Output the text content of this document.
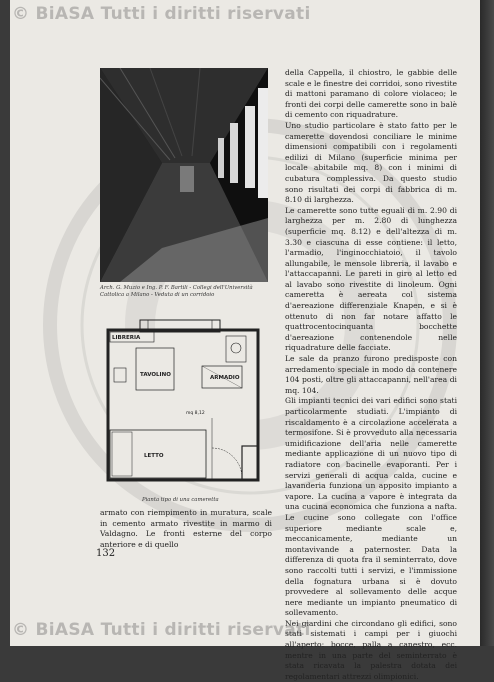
© BiASA Tutti i diritti riservati
Arch. G. Muzio e Ing. P. F. Bartili - Collegi dell'Università Cattolica a Milano - Veduta di un corridoio
LIBRERIA
TAVOLINO	ARMADIO
LETTO
mq 8,12
Pianta tipo di una cameretta

della Cappella, il chiostro, le gabbie delle scale e le finestre dei corridoi, sono rivestite di mattoni paramano di colore violaceo; le fronti dei corpi delle camerette sono in balè di cemento con riquadrature.

Uno studio particolare è stato fatto per le camerette dovendosi conciliare le minime dimensioni compatibili con i regolamenti edilizi di Milano (superficie minima per locale abitabile mq. 8) con i minimi di cubatura complessiva. Da questo studio sono risultati dei corpi di fabbrica di m. 8.10 di larghezza.

Le camerette sono tutte eguali di m. 2.90 di larghezza per m. 2.80 di lunghezza (superficie mq. 8.12) e dell'altezza di m. 3.30 e ciascuna di esse contiene: il letto, l'armadio, l'inginocchiatoio, il tavolo allungabile, le mensole libreria, il lavabo e l'attaccapanni. Le pareti in giro al letto ed al lavabo sono rivestite di linoleum. Ogni cameretta è aereata col sistema d'aereazione differenziale Knapen, e si è ottenuto di non far notare affatto le quattrocentocinquanta bocchette d'aereazione contenendole nelle riquadrature delle facciate.

Le sale da pranzo furono predisposte con arredamento speciale in modo da contenere 104 posti, oltre gli attaccapanni, nell'area di mq. 104.

Gli impianti tecnici dei vari edifici sono stati particolarmente studiati. L'impianto di riscaldamento è a circolazione accelerata a termosifone. Si è provveduto alla necessaria umidificazione dell'aria nelle camerette mediante applicazione di un nuovo tipo di radiatore con bacinelle evaporanti. Per i servizi generali di acqua calda, cucine e lavanderia funziona un apposito impianto a vapore. La cucina a vapore è integrata da una cucina economica che funziona a nafta. Le cucine sono collegate con l'office superiore mediante scale e, meccanicamente, mediante un montavivande a paternoster. Data la differenza di quota fra il seminterrato, dove sono raccolti tutti i servizi, e l'immissione della fognatura urbana si è dovuto provvedere al sollevamento delle acque nere mediante un impianto pneumatico di sollevamento.

Nei giardini che circondano gli edifici, sono stati sistemati i campi per i giuochi all'aperto: bocce, palla a canestro, ecc. mentre in una parte del seminterrato è stata ricavata la palestra dotata dei regolamentari attrezzi olimpionici.

armato con riempimento in muratura, scale in cemento armato rivestite in marmo di Valdagno. Le fronti esterne del corpo anteriore e di quello

132
© BiASA Tutti i diritti riservati
